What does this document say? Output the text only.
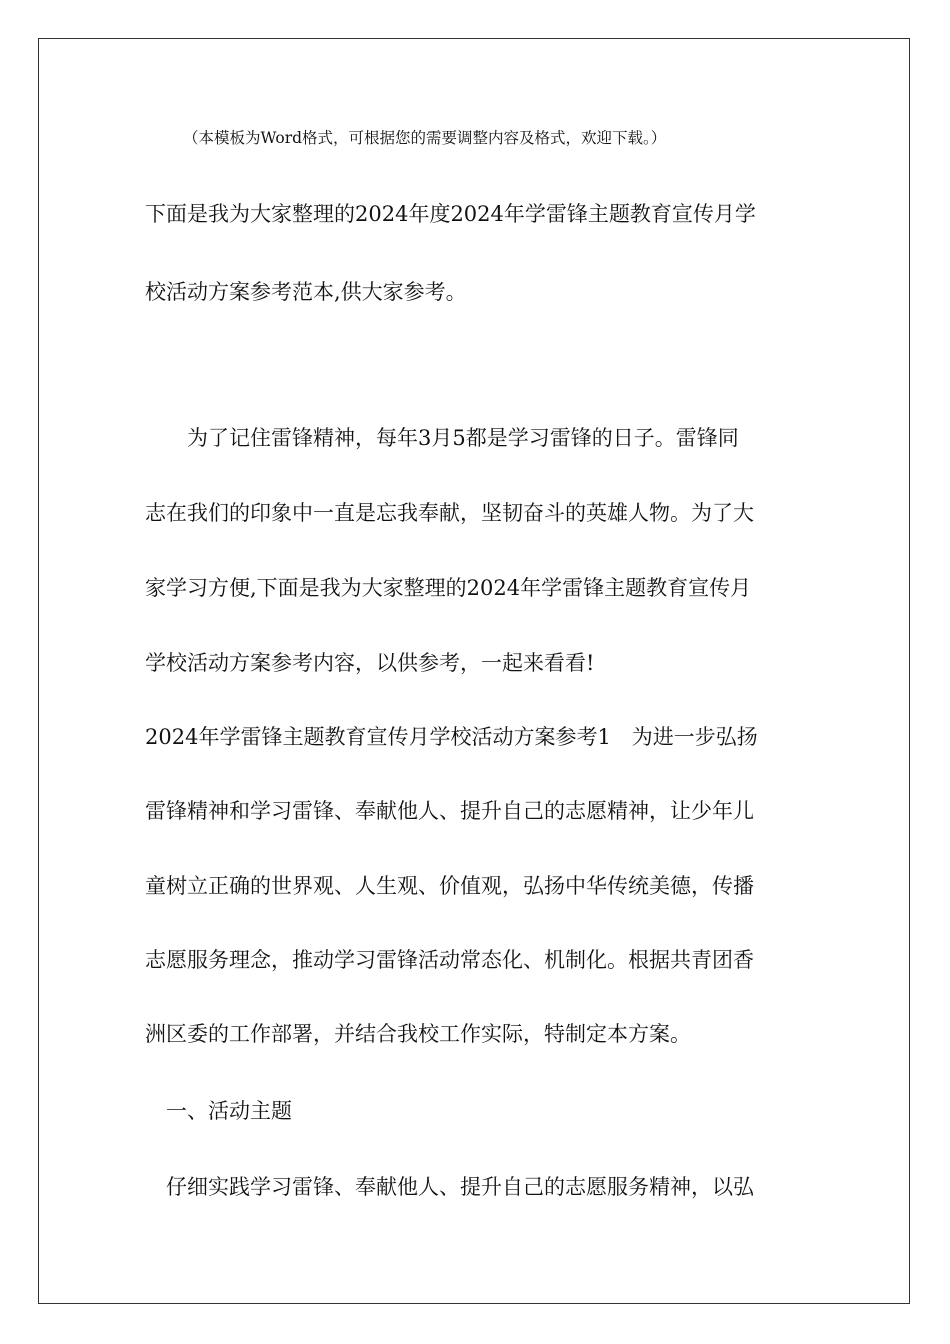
（本模板为Word格式，可根据您的需要调整内容及格式，欢迎下载。）

下面是我为大家整理的2024年度2024年学雷锋主题教育宣传月学

校活动方案参考范本,供大家参考。

　　为了记住雷锋精神，每年3月5都是学习雷锋的日子。雷锋同

志在我们的印象中一直是忘我奉献，坚韧奋斗的英雄人物。为了大

家学习方便,下面是我为大家整理的2024年学雷锋主题教育宣传月

学校活动方案参考内容，以供参考，一起来看看!

2024年学雷锋主题教育宣传月学校活动方案参考1　为进一步弘扬

雷锋精神和学习雷锋、奉献他人、提升自己的志愿精神，让少年儿

童树立正确的世界观、人生观、价值观，弘扬中华传统美德，传播

志愿服务理念，推动学习雷锋活动常态化、机制化。根据共青团香

洲区委的工作部署，并结合我校工作实际，特制定本方案。

　一、活动主题

　仔细实践学习雷锋、奉献他人、提升自己的志愿服务精神，以弘
